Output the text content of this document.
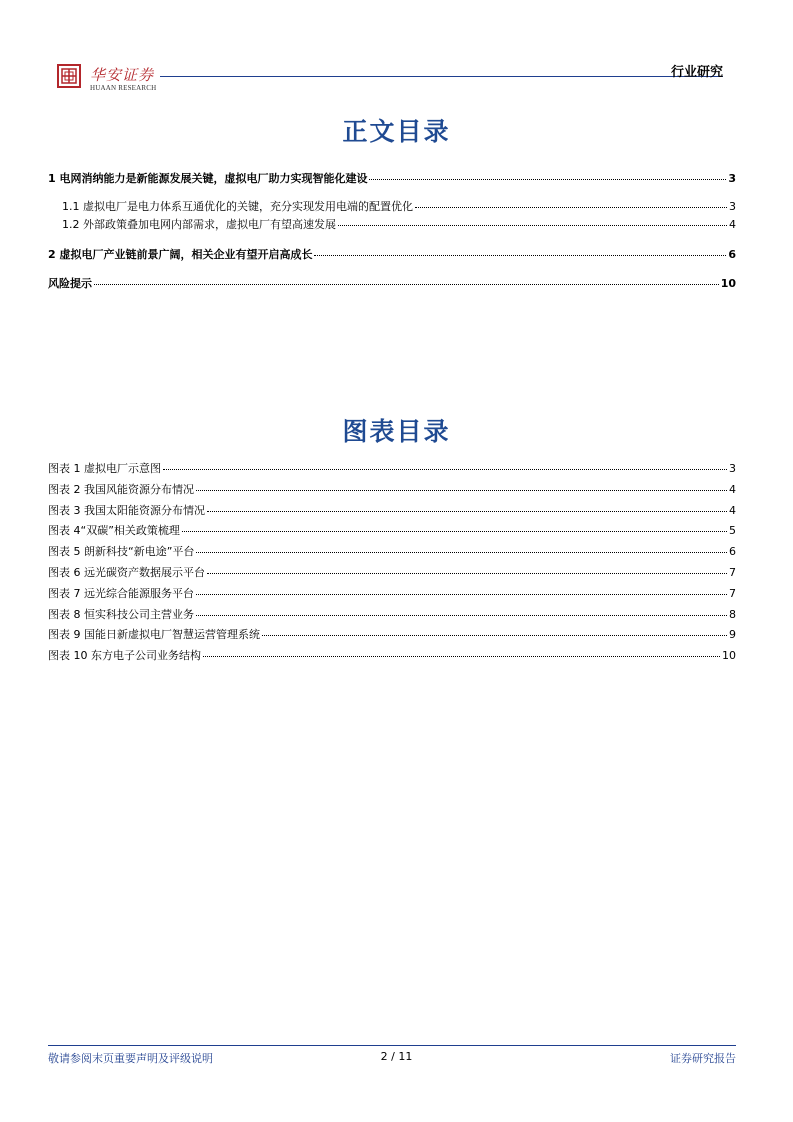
华安证券
HUAAN RESEARCH
行业研究
正文目录
1 电网消纳能力是新能源发展关键，虚拟电厂助力实现智能化建设	3
1.1 虚拟电厂是电力体系互通优化的关键，充分实现发用电端的配置优化	3
1.2 外部政策叠加电网内部需求，虚拟电厂有望高速发展	4
2 虚拟电厂产业链前景广阔，相关企业有望开启高成长	6
风险提示	10
图表目录
图表 1 虚拟电厂示意图	3
图表 2 我国风能资源分布情况	4
图表 3 我国太阳能资源分布情况	4
图表 4“双碳”相关政策梳理	5
图表 5 朗新科技“新电途”平台	6
图表 6 远光碳资产数据展示平台	7
图表 7 远光综合能源服务平台	7
图表 8 恒实科技公司主营业务	8
图表 9 国能日新虚拟电厂智慧运营管理系统	9
图表 10 东方电子公司业务结构	10
敬请参阅末页重要声明及评级说明	2 / 11	证券研究报告
